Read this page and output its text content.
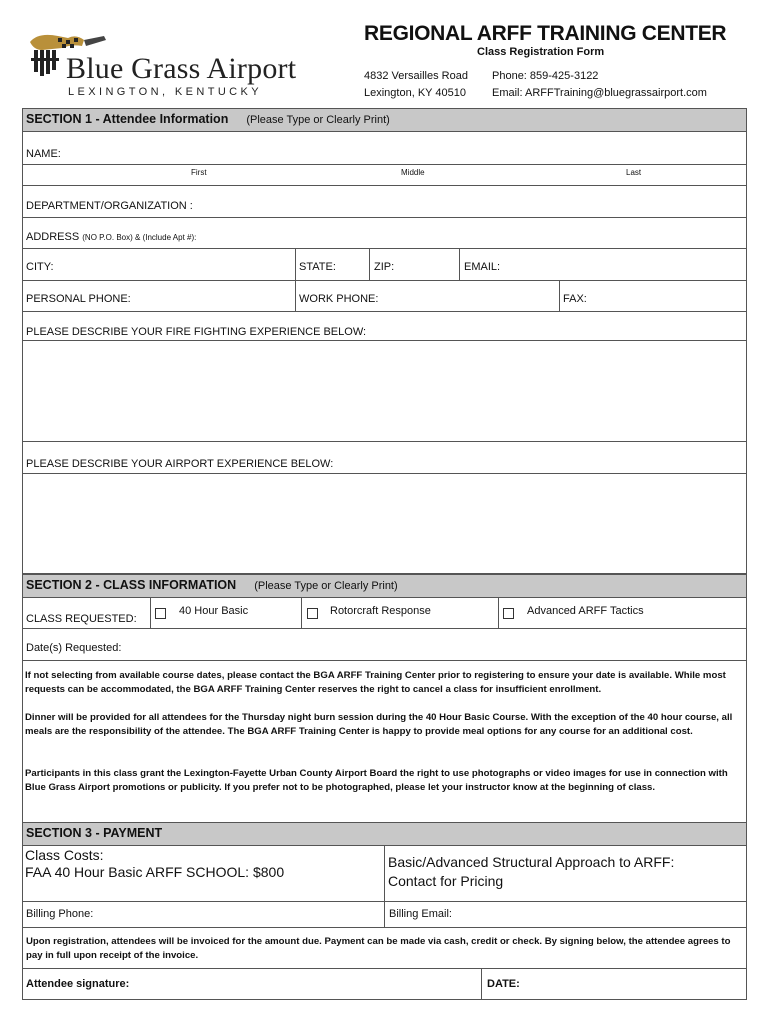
Blue Grass Airport
LEXINGTON, KENTUCKY
REGIONAL ARFF TRAINING CENTER
Class Registration Form
4832 Versailles Road
Lexington, KY 40510
Phone: 859-425-3122
Email: ARFFTraining@bluegrassairport.com
SECTION 1 - Attendee Information (Please Type or Clearly Print)
NAME:
First	Middle	Last
DEPARTMENT/ORGANIZATION :
ADDRESS (NO P.O. Box) & (Include Apt #):
CITY:	STATE:	ZIP:	EMAIL:
PERSONAL PHONE:	WORK PHONE:	FAX:
PLEASE DESCRIBE YOUR FIRE FIGHTING EXPERIENCE BELOW:
PLEASE DESCRIBE YOUR AIRPORT EXPERIENCE BELOW:
SECTION 2 - CLASS INFORMATION (Please Type or Clearly Print)
CLASS REQUESTED:
40 Hour Basic	Rotorcraft Response	Advanced ARFF Tactics
Date(s) Requested:
If not selecting from available course dates, please contact the BGA ARFF Training Center prior to registering to ensure your date is available. While most requests can be accommodated, the BGA ARFF Training Center reserves the right to cancel a class for insufficient enrollment.
Dinner will be provided for all attendees for the Thursday night burn session during the 40 Hour Basic Course. With the exception of the 40 hour course, all meals are the responsibility of the attendee. The BGA ARFF Training Center is happy to provide meal options for any course for an additional cost.
Participants in this class grant the Lexington-Fayette Urban County Airport Board the right to use photographs or video images for use in connection with Blue Grass Airport promotions or publicity. If you prefer not to be photographed, please let your instructor know at the beginning of class.
SECTION 3 - PAYMENT
Class Costs:
FAA 40 Hour Basic ARFF SCHOOL: $800
Basic/Advanced Structural Approach to ARFF:
Contact for Pricing
Billing Phone:	Billing Email:
Upon registration, attendees will be invoiced for the amount due. Payment can be made via cash, credit or check. By signing below, the attendee agrees to pay in full upon receipt of the invoice.
Attendee signature:	DATE:
